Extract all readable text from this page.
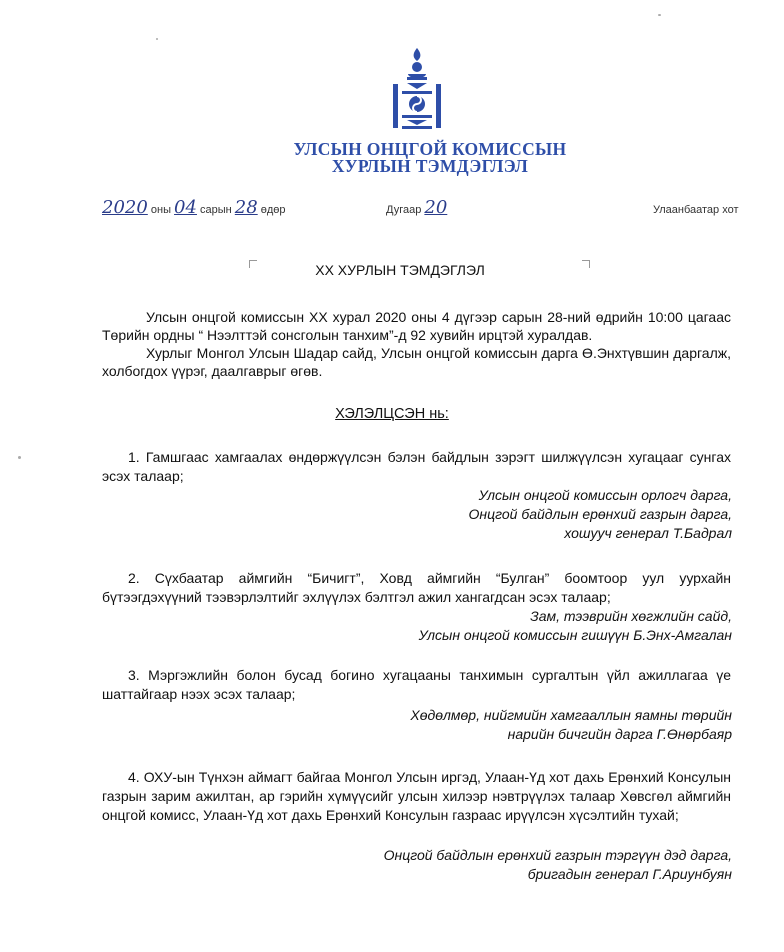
УЛСЫН ОНЦГОЙ КОМИССЫН
ХУРЛЫН ТЭМДЭГЛЭЛ
2020 оны 04 сарын 28 өдөр	Дугаар 20	Улаанбаатар хот
ХХ ХУРЛЫН ТЭМДЭГЛЭЛ
Улсын онцгой комиссын ХХ хурал 2020 оны 4 дүгээр сарын 28-ний өдрийн 10:00 цагаас Төрийн ордны “ Нээлттэй сонсголын танхим”-д 92 хувийн ирцтэй хуралдав.
Хурлыг Монгол Улсын Шадар сайд, Улсын онцгой комиссын дарга Ө.Энхтүвшин даргалж, холбогдох үүрэг, даалгаврыг өгөв.
ХЭЛЭЛЦСЭН нь:
1. Гамшгаас хамгаалах өндөржүүлсэн бэлэн байдлын зэрэгт шилжүүлсэн хугацааг сунгах эсэх талаар;
Улсын онцгой комиссын орлогч дарга,
Онцгой байдлын ерөнхий газрын дарга,
хошууч генерал Т.Бадрал
2. Сүхбаатар аймгийн “Бичигт”, Ховд аймгийн “Булган” боомтоор уул уурхайн бүтээгдэхүүний тээвэрлэлтийг эхлүүлэх бэлтгэл ажил хангагдсан эсэх талаар;
Зам, тээврийн хөгжлийн сайд,
Улсын онцгой комиссын гишүүн Б.Энх-Амгалан
3. Мэргэжлийн болон бусад богино хугацааны танхимын сургалтын үйл ажиллагаа үе шаттайгаар нээх эсэх талаар;
Хөдөлмөр, нийгмийн хамгааллын яамны төрийн
нарийн бичгийн дарга Г.Өнөрбаяр
4. ОХУ-ын Түнхэн аймагт байгаа Монгол Улсын иргэд, Улаан-Үд хот дахь Ерөнхий Консулын газрын зарим ажилтан, ар гэрийн хүмүүсийг улсын хилээр нэвтрүүлэх талаар Хөвсгөл аймгийн онцгой комисс, Улаан-Үд хот дахь Ерөнхий Консулын газраас ирүүлсэн хүсэлтийн тухай;
Онцгой байдлын ерөнхий газрын тэргүүн дэд дарга,
бригадын генерал Г.Ариунбуян
